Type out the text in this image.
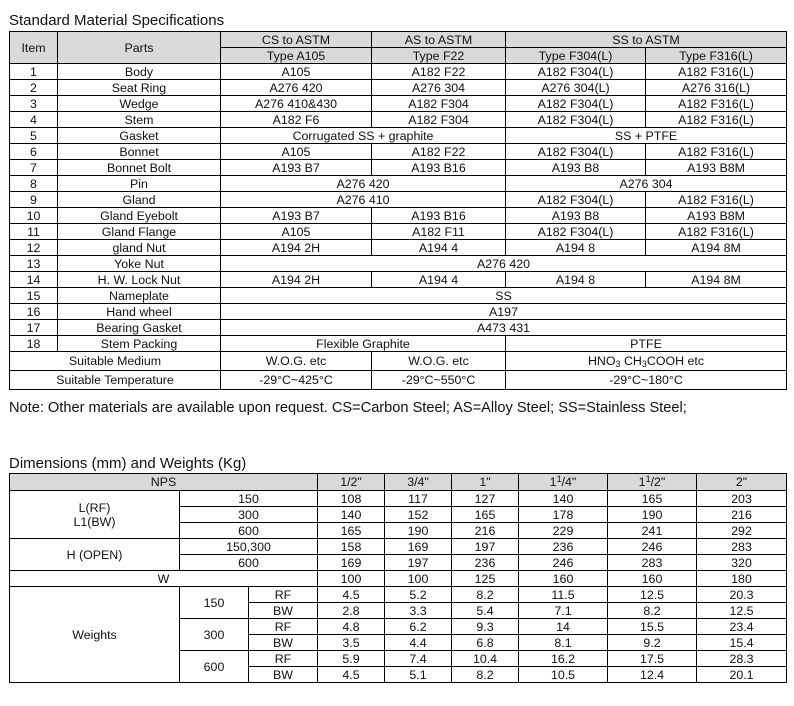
Standard Material Specifications
Item	Parts	CS to ASTM	AS to ASTM	SS to ASTM	
		Type A105	Type F22	Type F304(L)	Type F316(L)
1	Body	A105	A182 F22	A182 F304(L)	A182 F316(L)
2	Seat Ring	A276 420	A276 304	A276 304(L)	A276 316(L)
3	Wedge	A276 410&430	A182 F304	A182 F304(L)	A182 F316(L)
4	Stem	A182 F6	A182 F304	A182 F304(L)	A182 F316(L)
5	Gasket	Corrugated SS + graphite		SS + PTFE	
6	Bonnet	A105	A182 F22	A182 F304(L)	A182 F316(L)
7	Bonnet Bolt	A193 B7	A193 B16	A193 B8	A193 B8M
8	Pin	A276 420		A276 304	
9	Gland	A276 410		A182 F304(L)	A182 F316(L)
10	Gland Eyebolt	A193 B7	A193 B16	A193 B8	A193 B8M
11	Gland Flange	A105	A182 F11	A182 F304(L)	A182 F316(L)
12	gland Nut	A194 2H	A194 4	A194 8	A194 8M
13	Yoke Nut	A276 420			
14	H. W. Lock Nut	A194 2H	A194 4	A194 8	A194 8M
15	Nameplate	SS			
16	Hand wheel	A197			
17	Bearing Gasket	A473 431			
18	Stem Packing	Flexible Graphite		PTFE	
Suitable Medium		W.O.G. etc	W.O.G. etc	$HNO_3$ $CH_3COOH$ etc	
Suitable Temperature		-29°C~425°C	-29°C~550°C	-29°C~180°C	
Note: Other materials are available upon request. CS=Carbon Steel; AS=Alloy Steel; SS=Stainless Steel;
Dimensions (mm) and Weights (Kg)
NPS			1/2"	3/4"	1"	$1^1/4$"	$1^1/2$"	2"

L(RF)
L1(BW)	150		108	117	127	140	165	203
	300		140	152	165	178	190	216
	600		165	190	216	229	241	292
H (OPEN)	150,300		158	169	197	236	246	283
	600		169	197	236	246	283	320
W			100	100	125	160	160	180
Weights	150	RF	4.5	5.2	8.2	11.5	12.5	20.3
		BW	2.8	3.3	5.4	7.1	8.2	12.5
	300	RF	4.8	6.2	9.3	14	15.5	23.4
		BW	3.5	4.4	6.8	8.1	9.2	15.4
	600	RF	5.9	7.4	10.4	16.2	17.5	28.3
		BW	4.5	5.1	8.2	10.5	12.4	20.1
